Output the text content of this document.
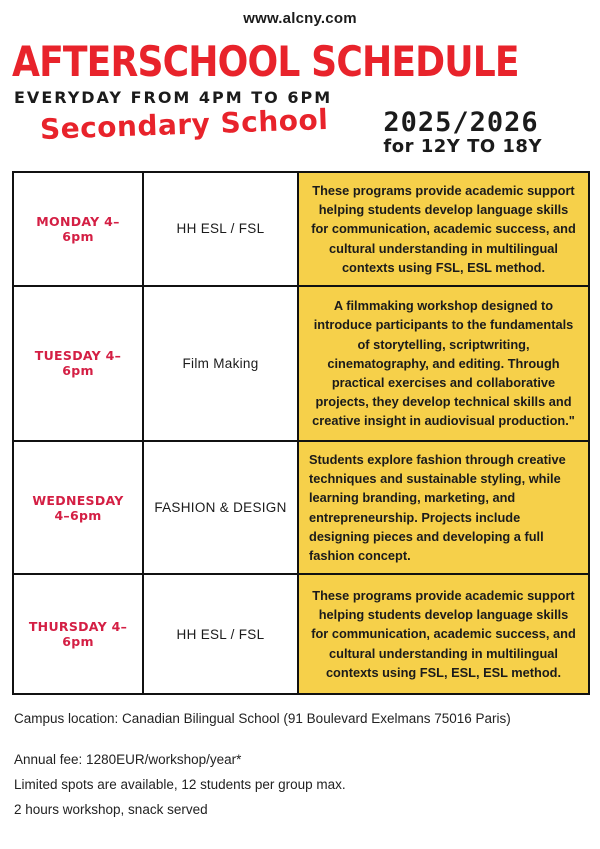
www.alcny.com
AFTERSCHOOL SCHEDULE
EVERYDAY FROM 4PM TO 6PM
Secondary School 2025/2026
for 12Y TO 18Y
MONDAY 4–6pm	HH ESL / FSL	These programs provide academic support helping students develop language skills for communication, academic success, and cultural understanding in multilingual contexts using FSL, ESL method.
TUESDAY 4–6pm	Film Making	A filmmaking workshop designed to introduce participants to the fundamentals of storytelling, scriptwriting, cinematography, and editing. Through practical exercises and collaborative projects, they develop technical skills and creative insight in audiovisual production."
WEDNESDAY 4–6pm	FASHION & DESIGN	Students explore fashion through creative techniques and sustainable styling, while learning branding, marketing, and entrepreneurship. Projects include designing pieces and developing a full fashion concept.
THURSDAY 4–6pm	HH ESL / FSL	These programs provide academic support helping students develop language skills for communication, academic success, and cultural understanding in multilingual contexts using FSL, ESL, ESL method.

Campus location: Canadian Bilingual School (91 Boulevard Exelmans 75016 Paris)

Annual fee: 1280EUR/workshop/year*

Limited spots are available, 12 students per group max.

2 hours workshop, snack served
